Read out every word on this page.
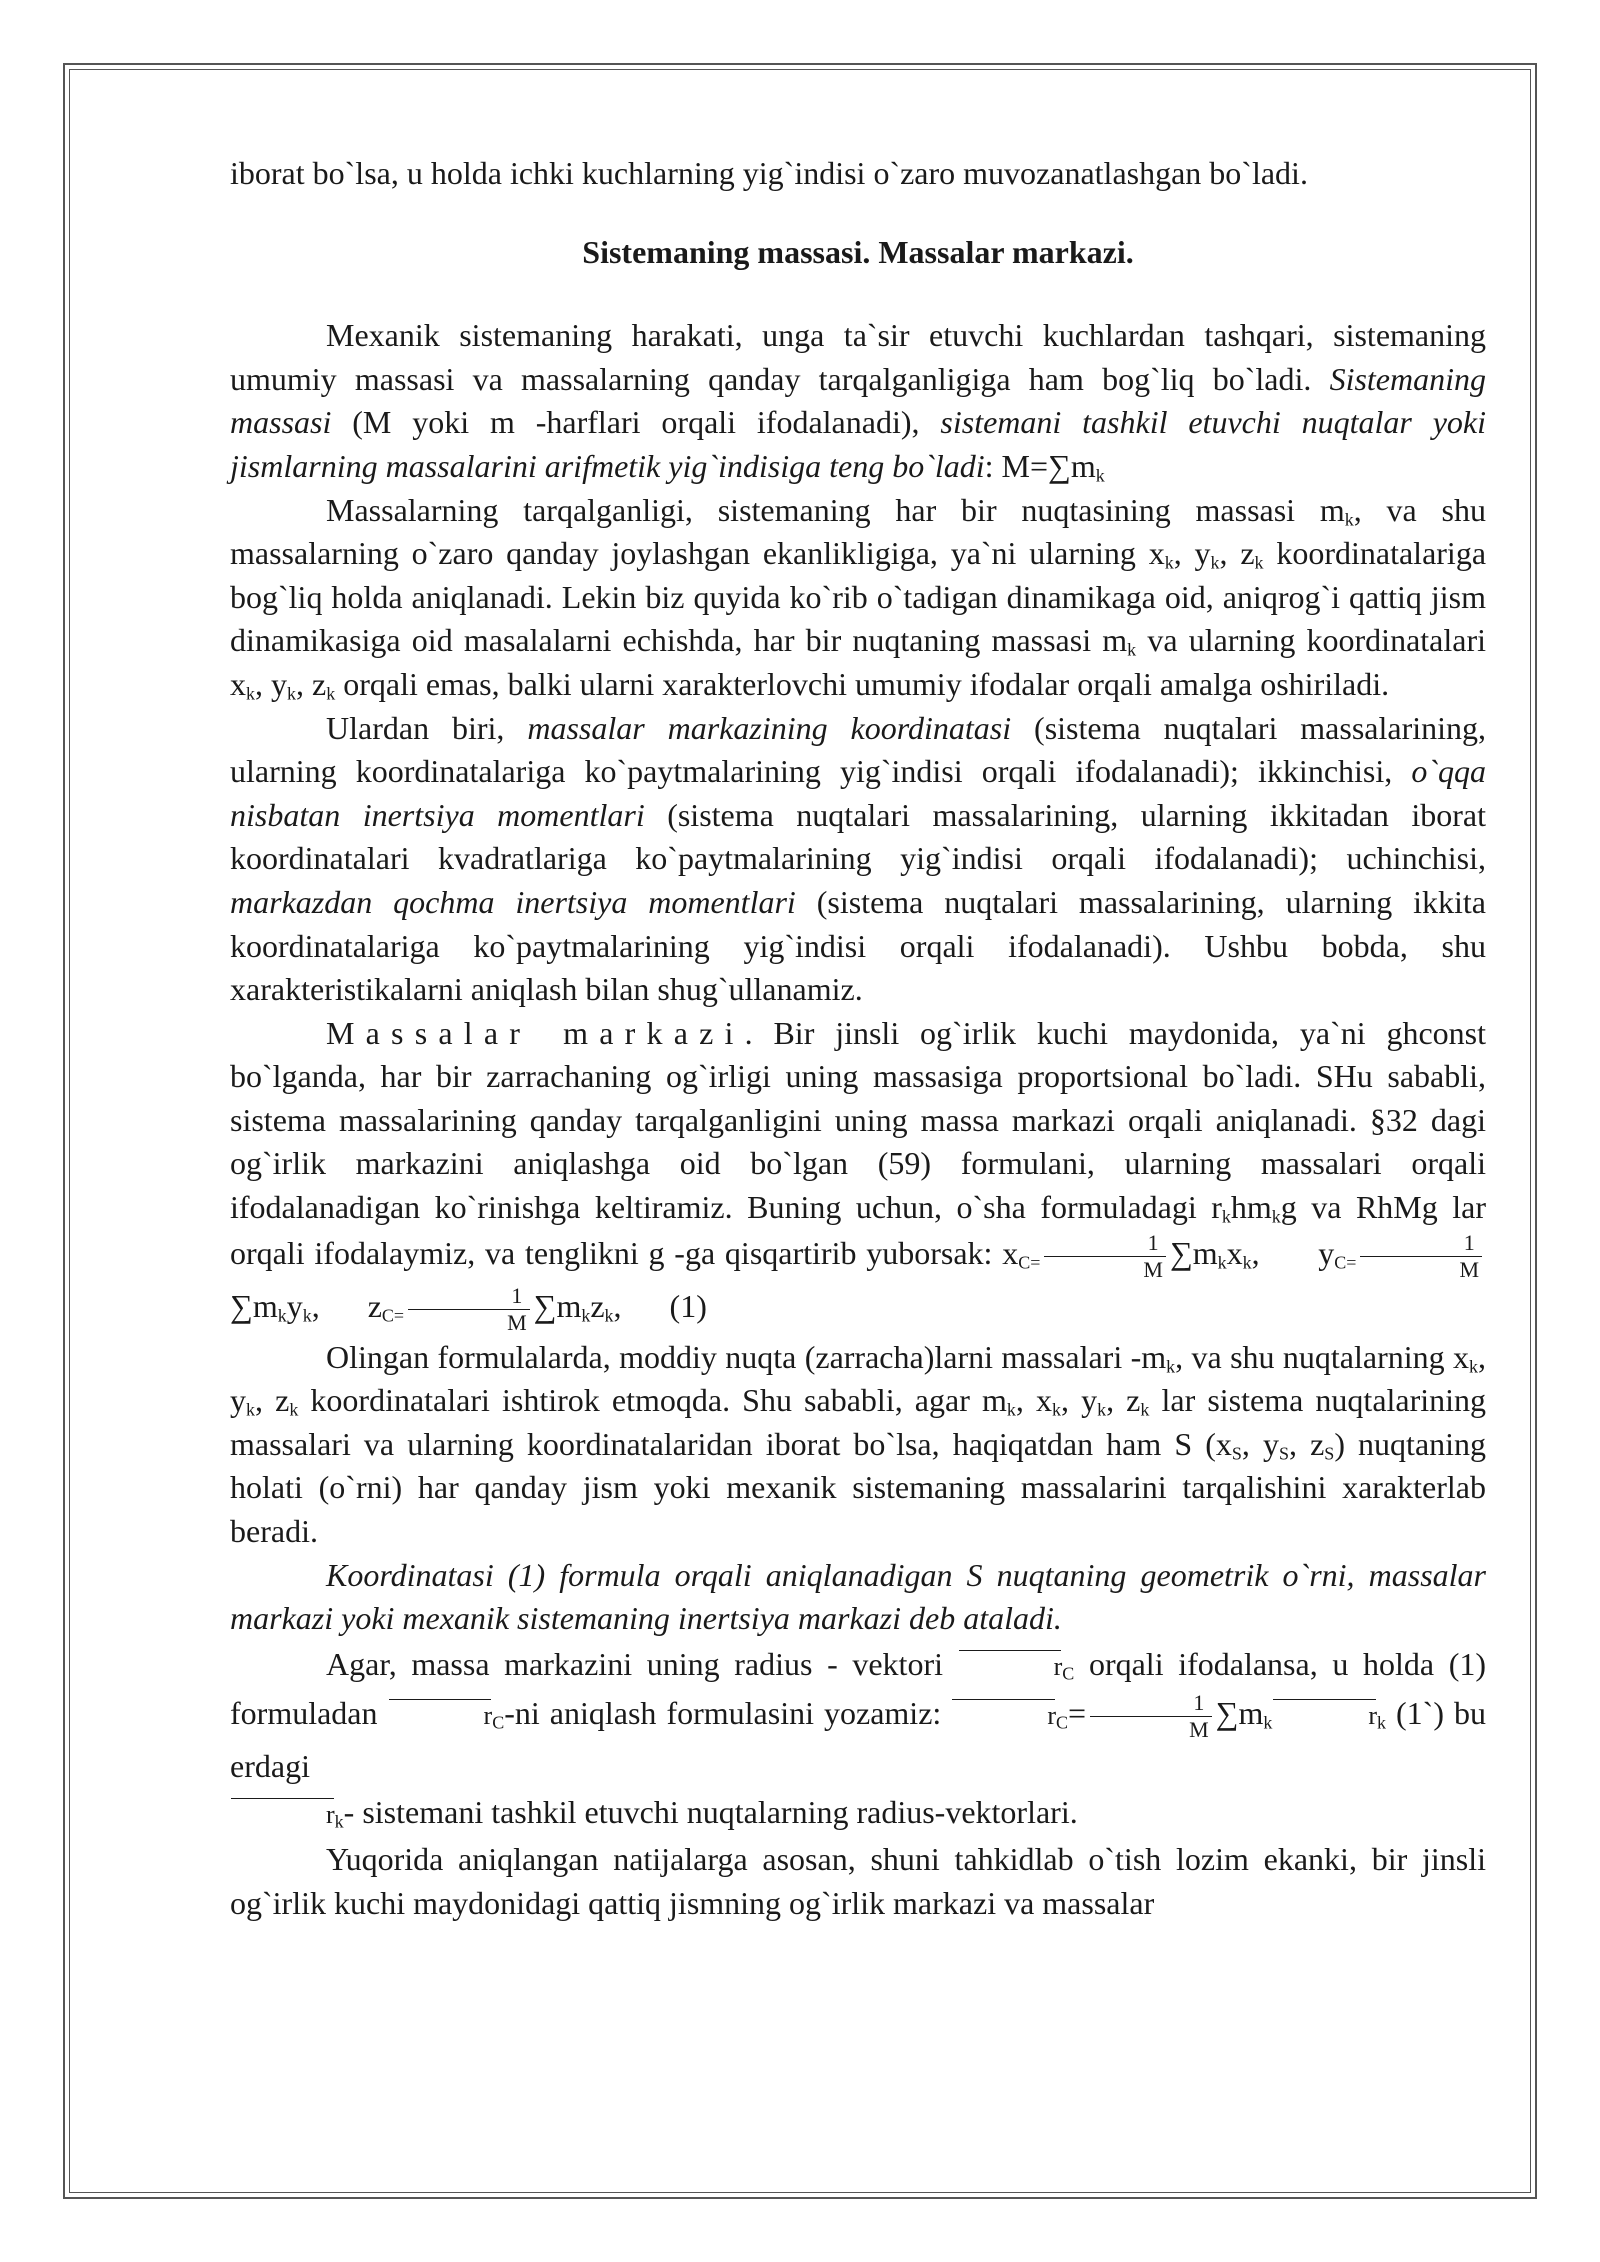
iborat bo`lsa, u holda ichki kuchlarning yig`indisi o`zaro muvozanatlashgan bo`ladi.

Sistemaning massasi. Massalar markazi.

Mexanik sistemaning harakati, unga ta`sir etuvchi kuchlardan tashqari, sistemaning umumiy massasi va massalarning qanday tarqalganligiga ham bog`liq bo`ladi. Sistemaning massasi (M yoki m -harflari orqali ifodalanadi), sistemani tashkil etuvchi nuqtalar yoki jismlarning massalarini arifmetik yig`indisiga teng bo`ladi: $M=\sum m_k$

Massalarning tarqalganligi, sistemaning har bir nuqtasining massasi $m_k$, va shu massalarning o`zaro qanday joylashgan ekanlikligiga, ya`ni ularning $x_k$, $y_k$, $z_k$ koordinatalariga bog`liq holda aniqlanadi. Lekin biz quyida ko`rib o`tadigan dinamikaga oid, aniqrog`i qattiq jism dinamikasiga oid masalalarni echishda, har bir nuqtaning massasi $m_k$ va ularning koordinatalari $x_k$, $y_k$, $z_k$ orqali emas, balki ularni xarakterlovchi umumiy ifodalar orqali amalga oshiriladi.

Ulardan biri, massalar markazining koordinatasi (sistema nuqtalari massalarining, ularning koordinatalariga ko`paytmalarining yig`indisi orqali ifodalanadi); ikkinchisi, o`qqa nisbatan inertsiya momentlari (sistema nuqtalari massalarining, ularning ikkitadan iborat koordinatalari kvadratlariga ko`paytmalarining yig`indisi orqali ifodalanadi); uchinchisi, markazdan qochma inertsiya momentlari (sistema nuqtalari massalarining, ularning ikkita koordinatalariga ko`paytmalarining yig`indisi orqali ifodalanadi). Ushbu bobda, shu xarakteristikalarni aniqlash bilan shug`ullanamiz.

Massalar markazi. Bir jinsli og`irlik kuchi maydonida, ya`ni ghconst bo`lganda, har bir zarrachaning og`irligi uning massasiga proportsional bo`ladi. SHu sababli, sistema massalarining qanday tarqalganligini uning massa markazi orqali aniqlanadi. §32 dagi og`irlik markazini aniqlashga oid bo`lgan (59) formulani, ularning massalari orqali ifodalanadigan ko`rinishga keltiramiz. Buning uchun, o`sha formuladagi $r_khm_kg$ va RhMg lar orqali ifodalaymiz, va tenglikni g -ga qisqartirib yuborsak: $x_{C=} \frac{1}{M} \sum m_kx_k$, $y_{C=} \frac{1}{M}$
$\sum m_ky_k$, $z_{C=} \frac{1}{M} \sum m_kz_k$, (1)

Olingan formulalarda, moddiy nuqta (zarracha)larni massalari $-m_k$, va shu nuqtalarning $x_k$, $y_k$, $z_k$ koordinatalari ishtirok etmoqda. Shu sababli, agar $m_k$, $x_k$, $y_k$, $z_k$ lar sistema nuqtalarining massalari va ularning koordinatalaridan iborat bo`lsa, haqiqatdan ham S ($x_S$, $y_S$, $z_S$) nuqtaning holati (o`rni) har qanday jism yoki mexanik sistemaning massalarini tarqalishini xarakterlab beradi.

Koordinatasi (1) formula orqali aniqlanadigan S nuqtaning geometrik o`rni, massalar markazi yoki mexanik sistemaning inertsiya markazi deb ataladi.

Agar, massa markazini uning radius - vektori	$r_C$ orqali ifodalansa, u holda (1) formuladan	$r_C-ni$ aniqlash formulasini yozamiz:	$r_C= \frac{1}{M} \sum m_k$	$r_k$ (1`) bu erdagi
$r_k-$ sistemani tashkil etuvchi nuqtalarning radius-vektorlari.

Yuqorida aniqlangan natijalarga asosan, shuni tahkidlab o`tish lozim ekanki, bir jinsli og`irlik kuchi maydonidagi qattiq jismning og`irlik markazi va massalar
